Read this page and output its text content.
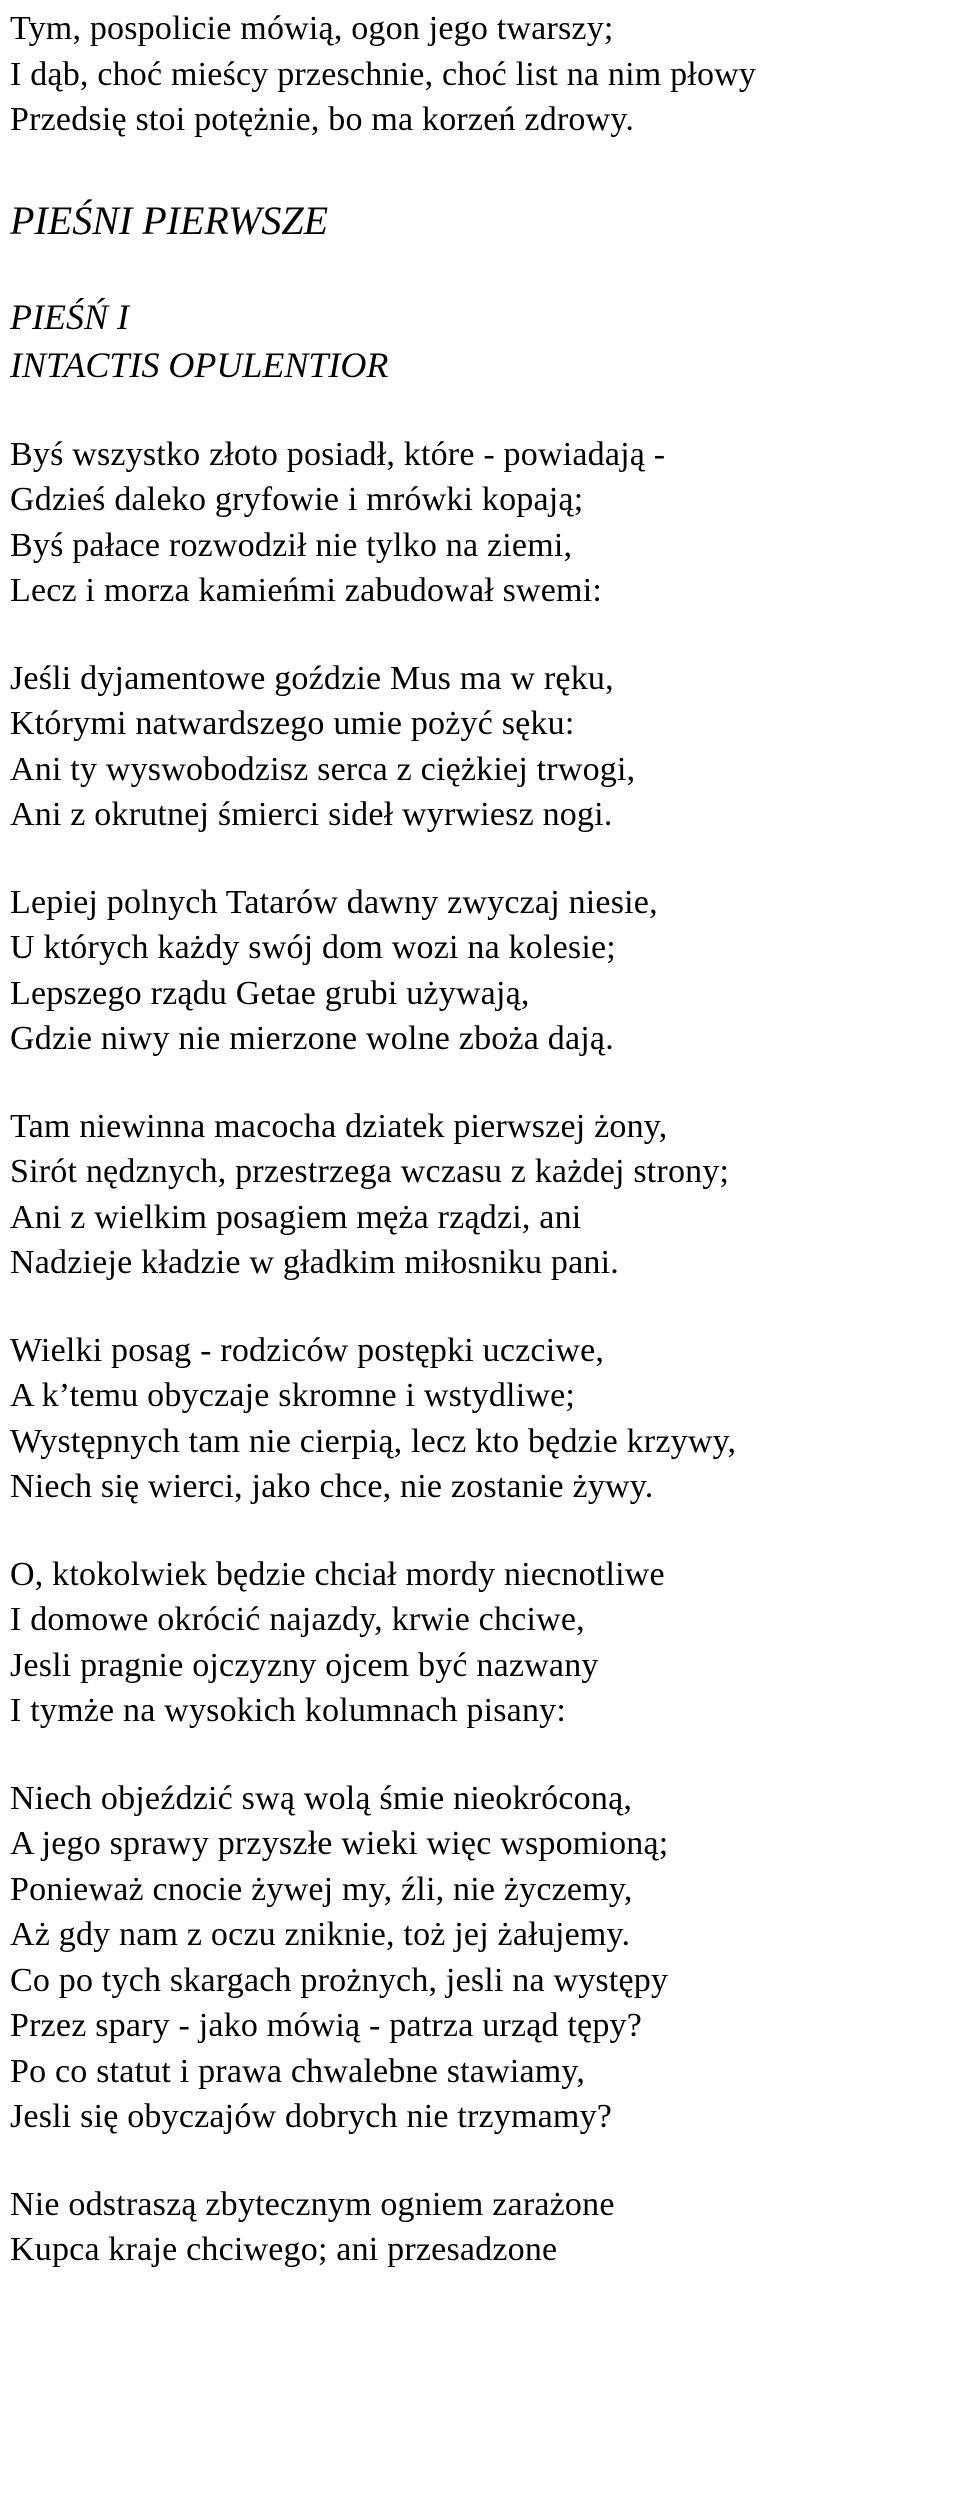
Tym, pospolicie mówią, ogon jego twarszy;
I dąb, choć mieścy przeschnie, choć list na nim płowy
Przedsię stoi potężnie, bo ma korzeń zdrowy.
PIEŚNI PIERWSZE
PIEŚŃ I
INTACTIS OPULENTIOR
Byś wszystko złoto posiadł, które - powiadają -
Gdzieś daleko gryfowie i mrówki kopają;
Byś pałace rozwodził nie tylko na ziemi,
Lecz i morza kamieńmi zabudował swemi:
Jeśli dyjamentowe goździe Mus ma w ręku,
Którymi natwardszego umie pożyć sęku:
Ani ty wyswobodzisz serca z ciężkiej trwogi,
Ani z okrutnej śmierci sideł wyrwiesz nogi.
Lepiej polnych Tatarów dawny zwyczaj niesie,
U których każdy swój dom wozi na kolesie;
Lepszego rządu Getae grubi używają,
Gdzie niwy nie mierzone wolne zboża dają.
Tam niewinna macocha dziatek pierwszej żony,
Sirót nędznych, przestrzega wczasu z każdej strony;
Ani z wielkim posagiem męża rządzi, ani
Nadzieje kładzie w gładkim miłosniku pani.
Wielki posag - rodziców postępki uczciwe,
A k’temu obyczaje skromne i wstydliwe;
Występnych tam nie cierpią, lecz kto będzie krzywy,
Niech się wierci, jako chce, nie zostanie żywy.
O, ktokolwiek będzie chciał mordy niecnotliwe
I domowe okrócić najazdy, krwie chciwe,
Jesli pragnie ojczyzny ojcem być nazwany
I tymże na wysokich kolumnach pisany:
Niech objeździć swą wolą śmie nieokróconą,
A jego sprawy przyszłe wieki więc wspomioną;
Ponieważ cnocie żywej my, źli, nie życzemy,
Aż gdy nam z oczu zniknie, toż jej żałujemy.
Co po tych skargach prożnych, jesli na występy
Przez spary - jako mówią - patrza urząd tępy?
Po co statut i prawa chwalebne stawiamy,
Jesli się obyczajów dobrych nie trzymamy?
Nie odstraszą zbytecznym ogniem zarażone
Kupca kraje chciwego; ani przesadzone
